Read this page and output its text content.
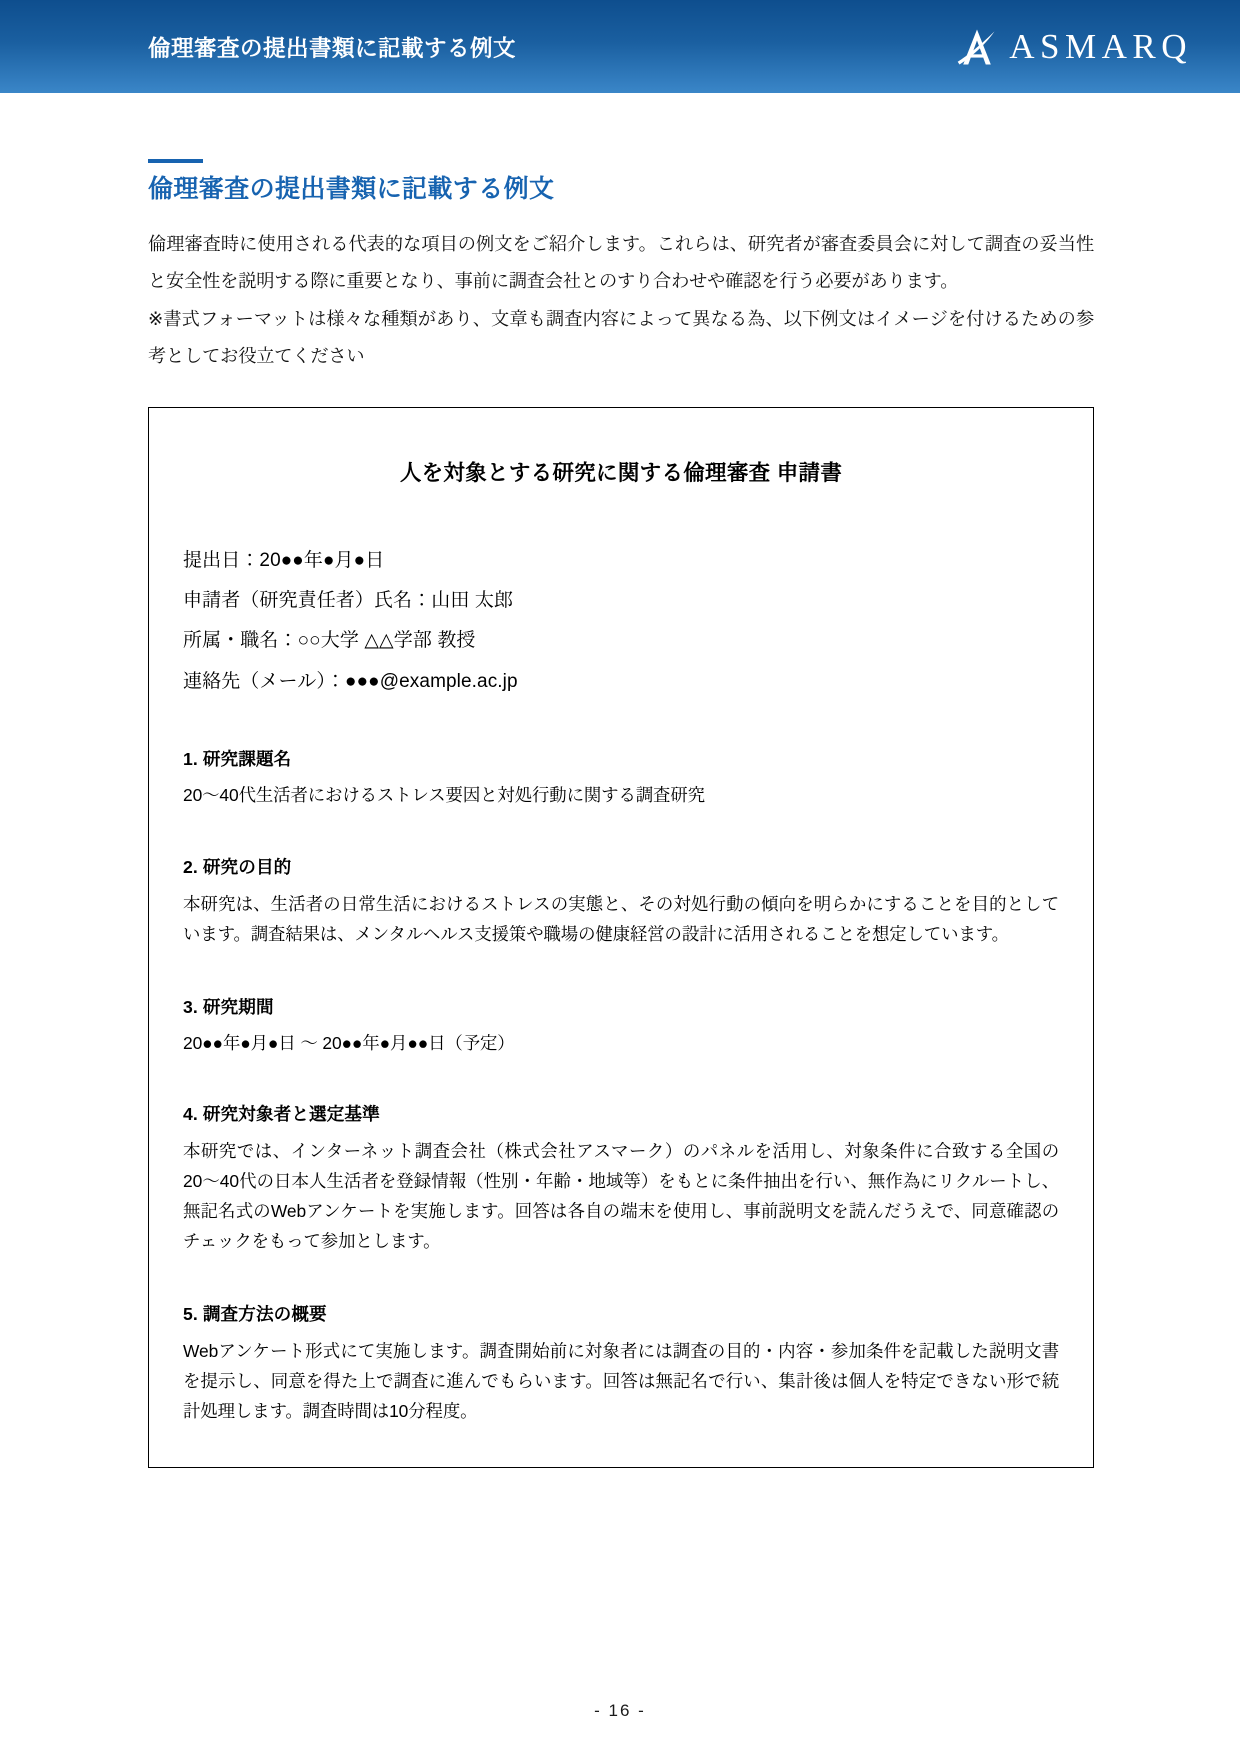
倫理審査の提出書類に記載する例文	ASMARQ
倫理審査の提出書類に記載する例文

倫理審査時に使用される代表的な項目の例文をご紹介します。これらは、研究者が審査委員会に対して調査の妥当性と安全性を説明する際に重要となり、事前に調査会社とのすり合わせや確認を行う必要があります。

※書式フォーマットは様々な種類があり、文章も調査内容によって異なる為、以下例文はイメージを付けるための参考としてお役立てください

人を対象とする研究に関する倫理審査 申請書
提出日：20●●年●月●日
申請者（研究責任者）氏名：山田 太郎
所属・職名：○○大学 △△学部 教授
連絡先（メール）：●●●@example.ac.jp
1. 研究課題名
20〜40代生活者におけるストレス要因と対処行動に関する調査研究
2. 研究の目的
本研究は、生活者の日常生活におけるストレスの実態と、その対処行動の傾向を明らかにすることを目的としています。調査結果は、メンタルヘルス支援策や職場の健康経営の設計に活用されることを想定しています。
3. 研究期間
20●●年●月●日 〜 20●●年●月●●日（予定）
4. 研究対象者と選定基準
本研究では、インターネット調査会社（株式会社アスマーク）のパネルを活用し、対象条件に合致する全国の20〜40代の日本人生活者を登録情報（性別・年齢・地域等）をもとに条件抽出を行い、無作為にリクルートし、無記名式のWebアンケートを実施します。回答は各自の端末を使用し、事前説明文を読んだうえで、同意確認のチェックをもって参加とします。
5. 調査方法の概要
Webアンケート形式にて実施します。調査開始前に対象者には調査の目的・内容・参加条件を記載した説明文書を提示し、同意を得た上で調査に進んでもらいます。回答は無記名で行い、集計後は個人を特定できない形で統計処理します。調査時間は10分程度。
- 16 -
